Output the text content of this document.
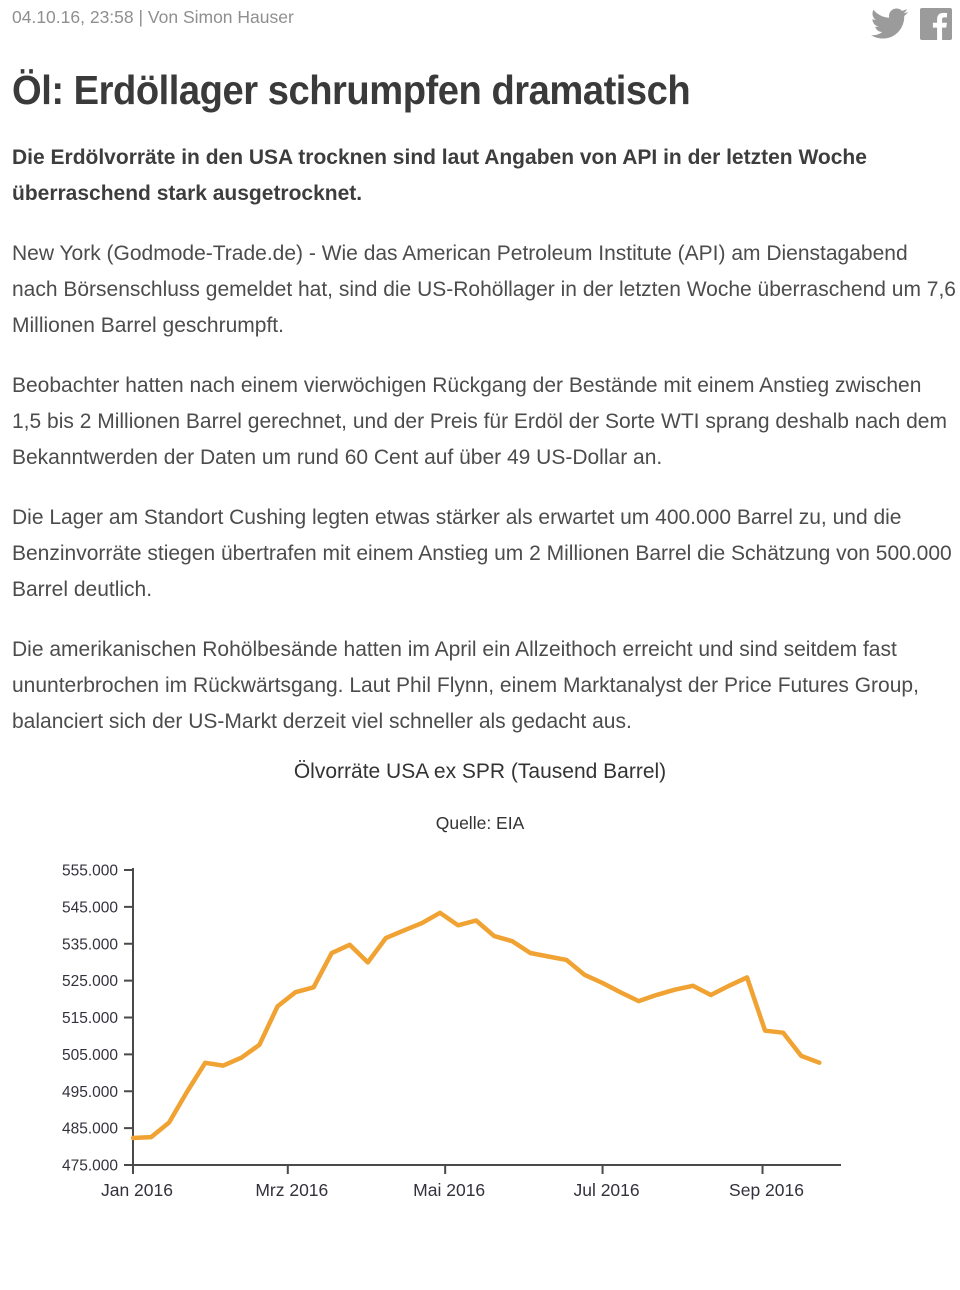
04.10.16, 23:58 | Von Simon Hauser
Öl: Erdöllager schrumpfen dramatisch

Die Erdölvorräte in den USA trocknen sind laut Angaben von API in der letzten Woche überraschend stark ausgetrocknet.

New York (Godmode-Trade.de) - Wie das American Petroleum Institute (API) am Dienstagabend nach Börsenschluss gemeldet hat, sind die US-Rohöllager in der letzten Woche überraschend um 7,6 Millionen Barrel geschrumpft.

Beobachter hatten nach einem vierwöchigen Rückgang der Bestände mit einem Anstieg zwischen 1,5 bis 2 Millionen Barrel gerechnet, und der Preis für Erdöl der Sorte WTI sprang deshalb nach dem Bekanntwerden der Daten um rund 60 Cent auf über 49 US-Dollar an.

Die Lager am Standort Cushing legten etwas stärker als erwartet um 400.000 Barrel zu, und die Benzinvorräte stiegen übertrafen mit einem Anstieg um 2 Millionen Barrel die Schätzung von 500.000 Barrel deutlich.

Die amerikanischen Rohölbesände hatten im April ein Allzeithoch erreicht und sind seitdem fast ununterbrochen im Rückwärtsgang. Laut Phil Flynn, einem Marktanalyst der Price Futures Group, balanciert sich der US-Markt derzeit viel schneller als gedacht aus.

Ölvorräte USA ex SPR (Tausend Barrel)
Quelle: EIA
475.000
485.000
495.000
505.000
515.000
525.000
535.000
545.000
555.000
Jan 2016	Mrz 2016	Mai 2016	Jul 2016	Sep 2016
